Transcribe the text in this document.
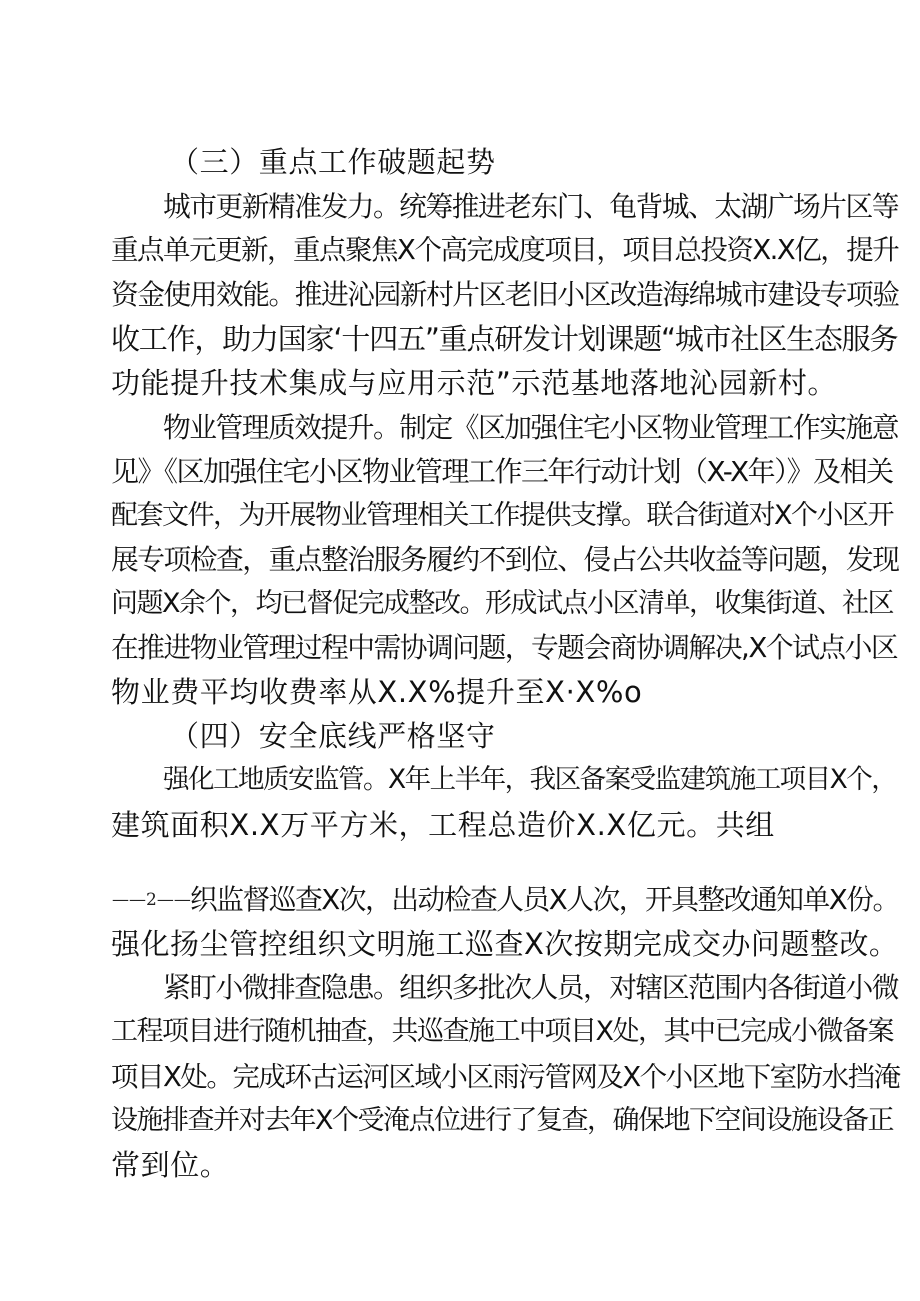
（三）重点工作破题起势
城市更新精准发力。统筹推进老东门、龟背城、太湖广场片区等
重点单元更新，重点聚焦X个高完成度项目，项目总投资X.X亿，提升
资金使用效能。推进沁园新村片区老旧小区改造海绵城市建设专项验
收工作，助力国家‘十四五”重点研发计划课题“城市社区生态服务
功能提升技术集成与应用示范”示范基地落地沁园新村。
物业管理质效提升。制定《区加强住宅小区物业管理工作实施意
见》《区加强住宅小区物业管理工作三年行动计划（X-X年）》及相关
配套文件，为开展物业管理相关工作提供支撑。联合街道对X个小区开
展专项检查，重点整治服务履约不到位、侵占公共收益等问题，发现
问题X余个，均已督促完成整改。形成试点小区清单，收集街道、社区
在推进物业管理过程中需协调问题，专题会商协调解决,X个试点小区
物业费平均收费率从X.X%提升至X·X%o
（四）安全底线严格坚守
强化工地质安监管。X年上半年，我区备案受监建筑施工项目X个，
建筑面积X.X万平方米，工程总造价X.X亿元。共组
——2—— 织监督巡查X次，出动检查人员X人次，开具整改通知单X份。
强化扬尘管控组织文明施工巡查X次按期完成交办问题整改。
紧盯小微排查隐患。组织多批次人员，对辖区范围内各街道小微
工程项目进行随机抽查，共巡查施工中项目X处，其中已完成小微备案
项目X处。完成环古运河区域小区雨污管网及X个小区地下室防水挡淹
设施排查并对去年X个受淹点位进行了复查，确保地下空间设施设备正
常到位。
